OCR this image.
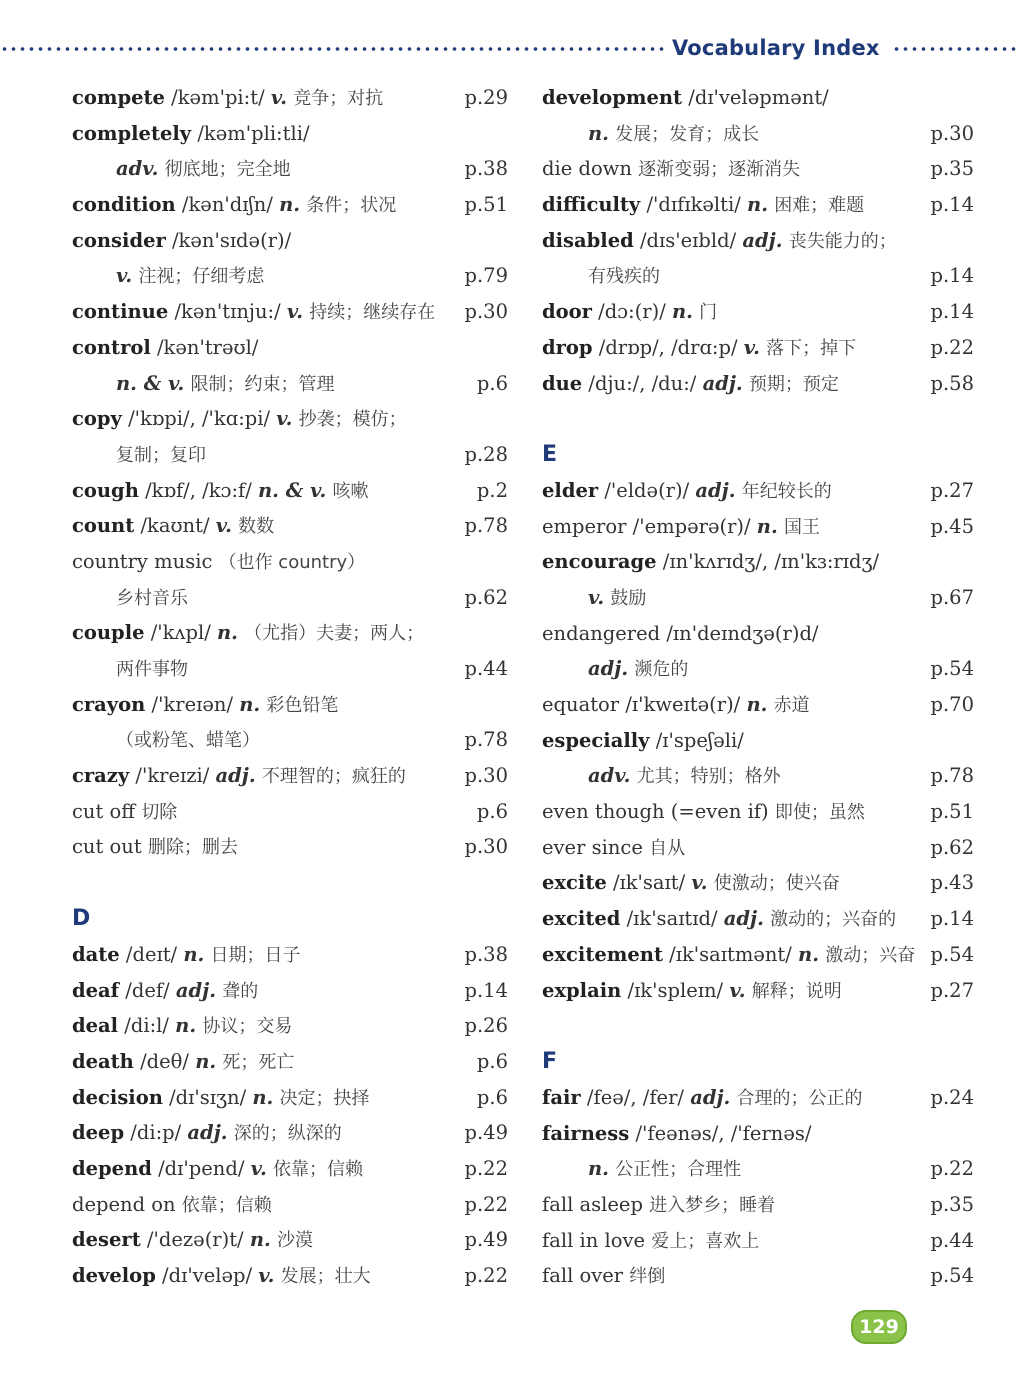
Vocabulary Index
compete /kəm'pi:t/ v. 竞争；对抗	p.29
completely /kəm'pli:tli/
adv. 彻底地；完全地	p.38
condition /kən'dɪʃn/ n. 条件；状况	p.51
consider /kən'sɪdə(r)/
v. 注视；仔细考虑	p.79
continue /kən'tɪnju:/ v. 持续；继续存在 p.30
control /kən'trəʊl/
n. & v. 限制；约束；管理	p.6
copy /'kɒpi/, /'kɑ:pi/ v. 抄袭；模仿；
复制；复印	p.28
cough /kɒf/, /kɔ:f/ n. & v. 咳嗽	p.2
count /kaʊnt/ v. 数数	p.78
country music （也作 country）
乡村音乐	p.62
couple /'kʌpl/ n. （尤指）夫妻；两人；
两件事物	p.44
crayon /'kreɪən/ n. 彩色铅笔
（或粉笔、蜡笔）	p.78
crazy /'kreɪzi/ adj. 不理智的；疯狂的	p.30
cut off 切除	p.6
cut out 删除；删去	p.30
D
date /deɪt/ n. 日期；日子	p.38
deaf /def/ adj. 聋的	p.14
deal /di:l/ n. 协议；交易	p.26
death /deθ/ n. 死；死亡	p.6
decision /dɪ'sɪʒn/ n. 决定；抉择	p.6
deep /di:p/ adj. 深的；纵深的	p.49
depend /dɪ'pend/ v. 依靠；信赖	p.22
depend on 依靠；信赖	p.22
desert /'dezə(r)t/ n. 沙漠	p.49
develop /dɪ'veləp/ v. 发展；壮大	p.22
development /dɪ'veləpmənt/
n. 发展；发育；成长	p.30
die down 逐渐变弱；逐渐消失	p.35
difficulty /'dɪfɪkəlti/ n. 困难；难题	p.14
disabled /dɪs'eɪbld/ adj. 丧失能力的；
有残疾的	p.14
door /dɔ:(r)/ n. 门	p.14
drop /drɒp/, /drɑ:p/ v. 落下；掉下	p.22
due /dju:/, /du:/ adj. 预期；预定	p.58
E
elder /'eldə(r)/ adj. 年纪较长的	p.27
emperor /'empərə(r)/ n. 国王	p.45
encourage /ɪn'kʌrɪdʒ/, /ɪn'kɜ:rɪdʒ/
v. 鼓励	p.67
endangered /ɪn'deɪndʒə(r)d/
adj. 濒危的	p.54
equator /ɪ'kweɪtə(r)/ n. 赤道	p.70
especially /ɪ'speʃəli/
adv. 尤其；特别；格外	p.78
even though (=even if) 即使；虽然	p.51
ever since 自从	p.62
excite /ɪk'saɪt/ v. 使激动；使兴奋	p.43
excited /ɪk'saɪtɪd/ adj. 激动的；兴奋的 p.14
excitement /ɪk'saɪtmənt/ n. 激动；兴奋 p.54
explain /ɪk'spleɪn/ v. 解释；说明	p.27
F
fair /feə/, /fer/ adj. 合理的；公正的	p.24
fairness /'feənəs/, /'fernəs/
n. 公正性；合理性	p.22
fall asleep 进入梦乡；睡着	p.35
fall in love 爱上；喜欢上	p.44
fall over 绊倒	p.54
129
